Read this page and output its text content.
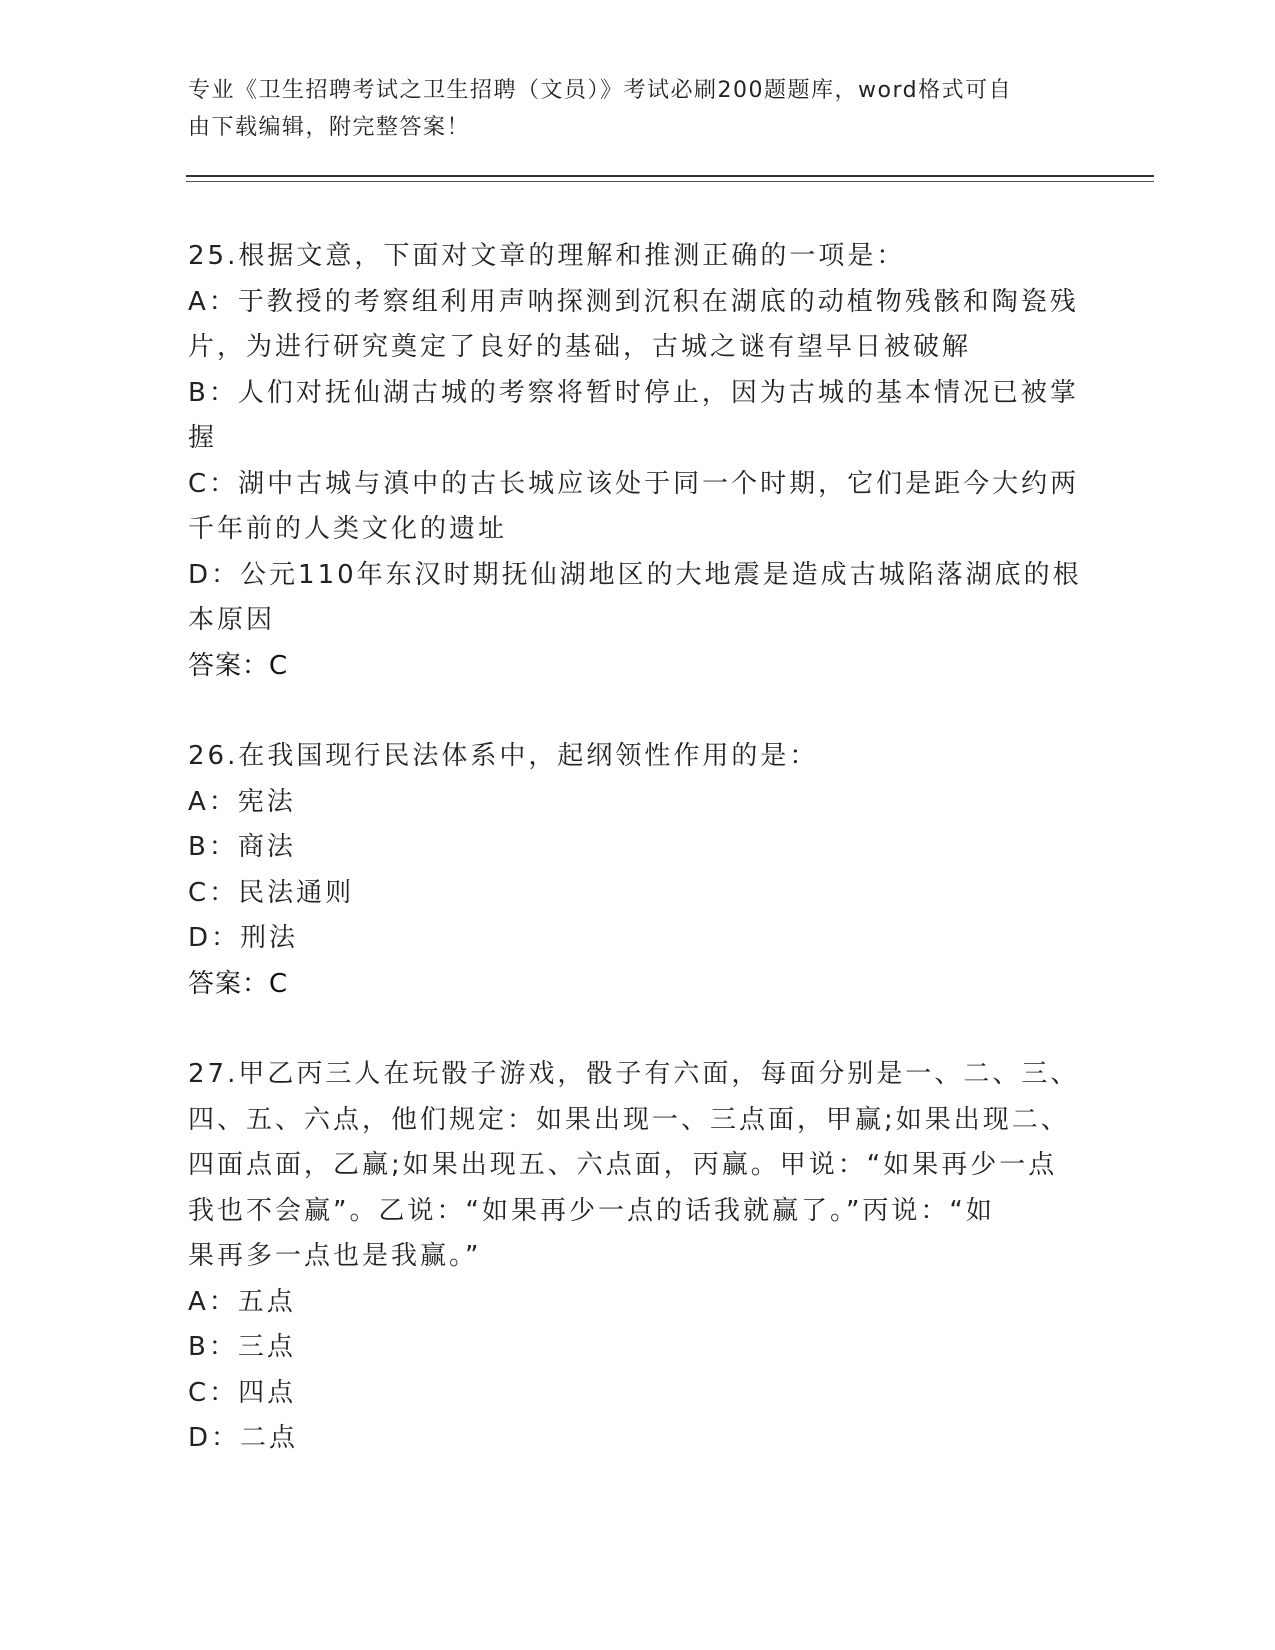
专业《卫生招聘考试之卫生招聘（文员）》考试必刷200题题库，word格式可自
由下载编辑，附完整答案！
25.根据文意，下面对文章的理解和推测正确的一项是：
A：于教授的考察组利用声呐探测到沉积在湖底的动植物残骸和陶瓷残
片，为进行研究奠定了良好的基础，古城之谜有望早日被破解
B：人们对抚仙湖古城的考察将暂时停止，因为古城的基本情况已被掌
握
C：湖中古城与滇中的古长城应该处于同一个时期，它们是距今大约两
千年前的人类文化的遗址
D：公元110年东汉时期抚仙湖地区的大地震是造成古城陷落湖底的根
本原因
答案：C
26.在我国现行民法体系中，起纲领性作用的是：
A：宪法
B：商法
C：民法通则
D：刑法
答案：C
27.甲乙丙三人在玩骰子游戏，骰子有六面，每面分别是一、二、三、
四、五、六点，他们规定：如果出现一、三点面，甲赢;如果出现二、
四面点面，乙赢;如果出现五、六点面，丙赢。甲说：“如果再少一点
我也不会赢”。乙说：“如果再少一点的话我就赢了。”丙说：“如
果再多一点也是我赢。”
A：五点
B：三点
C：四点
D：二点
